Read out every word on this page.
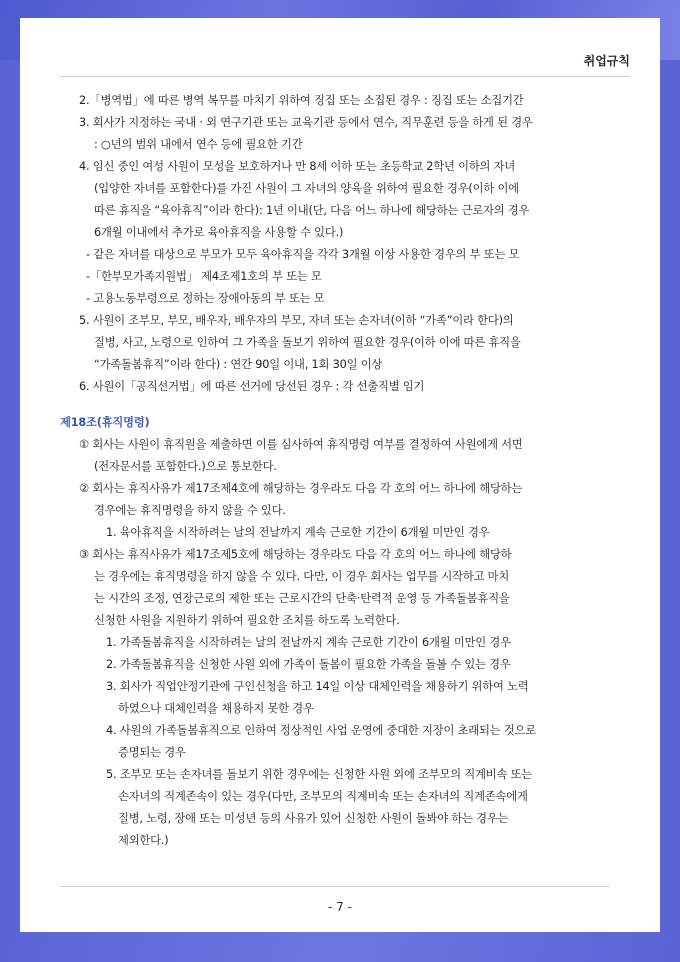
취업규칙
2.「병역법」에 따른 병역 복무를 마치기 위하여 징집 또는 소집된 경우 : 징집 또는 소집기간
3. 회사가 지정하는 국내 · 외 연구기관 또는 교육기관 등에서 연수, 직무훈련 등을 하게 된 경우
: ○년의 범위 내에서 연수 등에 필요한 기간
4. 임신 중인 여성 사원이 모성을 보호하거나 만 8세 이하 또는 초등학교 2학년 이하의 자녀
(입양한 자녀를 포함한다)를 가진 사원이 그 자녀의 양육을 위하여 필요한 경우(이하 이에
따른 휴직을 “육아휴직”이라 한다): 1년 이내(단, 다음 어느 하나에 해당하는 근로자의 경우
6개월 이내에서 추가로 육아휴직을 사용할 수 있다.)
- 같은 자녀를 대상으로 부모가 모두 육아휴직을 각각 3개월 이상 사용한 경우의 부 또는 모
-「한부모가족지원법」 제4조제1호의 부 또는 모
- 고용노동부령으로 정하는 장애아동의 부 또는 모
5. 사원이 조부모, 부모, 배우자, 배우자의 부모, 자녀 또는 손자녀(이하 “가족”이라 한다)의
질병, 사고, 노령으로 인하여 그 가족을 돌보기 위하여 필요한 경우(이하 이에 따른 휴직을
“가족돌봄휴직”이라 한다) : 연간 90일 이내, 1회 30일 이상
6. 사원이「공직선거법」에 따른 선거에 당선된 경우 : 각 선출직별 임기
제18조(휴직명령)
① 회사는 사원이 휴직원을 제출하면 이를 심사하여 휴직명령 여부를 결정하여 사원에게 서면
(전자문서를 포함한다.)으로 통보한다.
② 회사는 휴직사유가 제17조제4호에 해당하는 경우라도 다음 각 호의 어느 하나에 해당하는
경우에는 휴직명령을 하지 않을 수 있다.
1. 육아휴직을 시작하려는 날의 전날까지 계속 근로한 기간이 6개월 미만인 경우
③ 회사는 휴직사유가 제17조제5호에 해당하는 경우라도 다음 각 호의 어느 하나에 해당하
는 경우에는 휴직명령을 하지 않을 수 있다. 다만, 이 경우 회사는 업무를 시작하고 마치
는 시간의 조정, 연장근로의 제한 또는 근로시간의 단축·탄력적 운영 등 가족돌봄휴직을
신청한 사원을 지원하기 위하여 필요한 조치를 하도록 노력한다.
1. 가족돌봄휴직을 시작하려는 날의 전날까지 계속 근로한 기간이 6개월 미만인 경우
2. 가족돌봄휴직을 신청한 사원 외에 가족이 돌봄이 필요한 가족을 돌볼 수 있는 경우
3. 회사가 직업안정기관에 구인신청을 하고 14일 이상 대체인력을 채용하기 위하여 노력
하였으나 대체인력을 채용하지 못한 경우
4. 사원의 가족돌봄휴직으로 인하여 정상적인 사업 운영에 중대한 지장이 초래되는 것으로
증명되는 경우
5. 조부모 또는 손자녀를 돌보기 위한 경우에는 신청한 사원 외에 조부모의 직계비속 또는
손자녀의 직계존속이 있는 경우(다만, 조부모의 직계비속 또는 손자녀의 직계존속에게
질병, 노령, 장애 또는 미성년 등의 사유가 있어 신청한 사원이 돌봐야 하는 경우는
제외한다.)
- 7 -
